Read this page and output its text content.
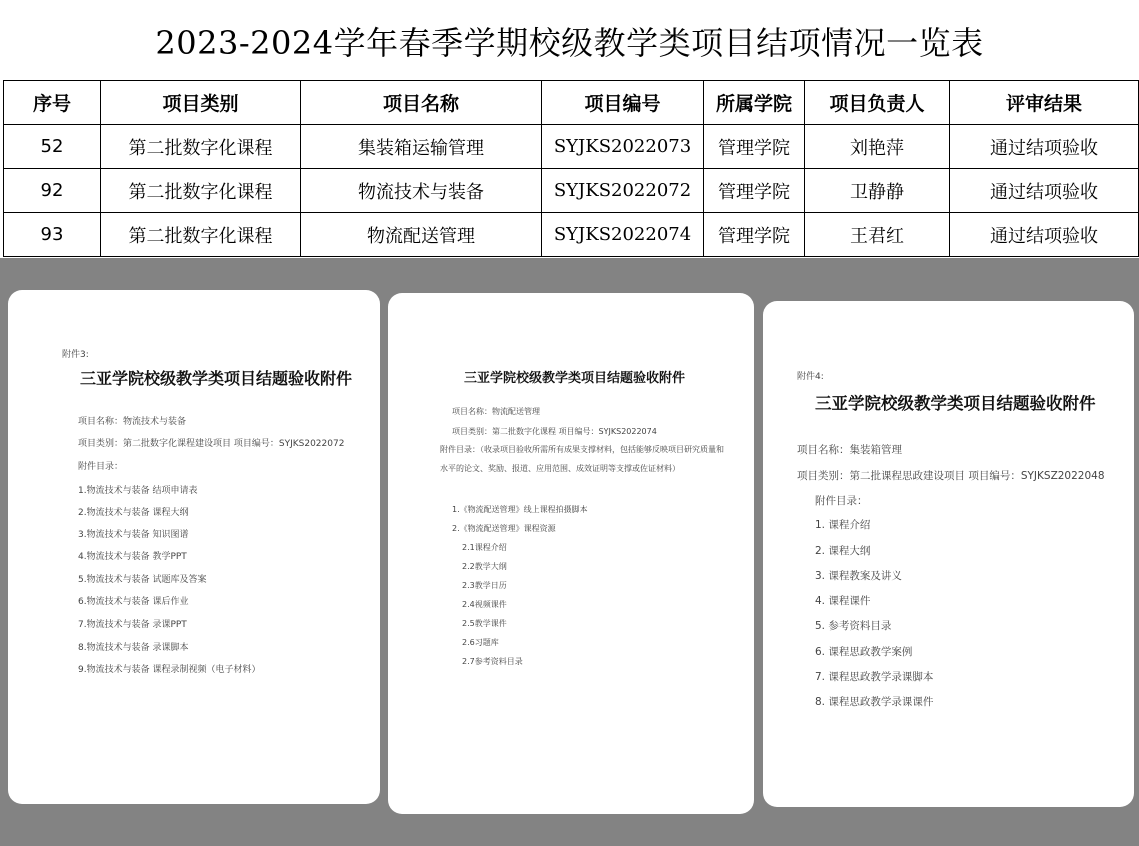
2023-2024学年春季学期校级教学类项目结项情况一览表
序号	项目类别	项目名称	项目编号	所属学院	项目负责人	评审结果
52	第二批数字化课程	集装箱运输管理	SYJKS2022073	管理学院	刘艳萍	通过结项验收
92	第二批数字化课程	物流技术与装备	SYJKS2022072	管理学院	卫静静	通过结项验收
93	第二批数字化课程	物流配送管理	SYJKS2022074	管理学院	王君红	通过结项验收
附件3:
三亚学院校级教学类项目结题验收附件
项目名称：物流技术与装备
项目类别：第二批数字化课程建设项目 项目编号：SYJKS2022072
附件目录：
1.物流技术与装备 结项申请表
2.物流技术与装备 课程大纲
3.物流技术与装备 知识图谱
4.物流技术与装备 教学PPT
5.物流技术与装备 试题库及答案
6.物流技术与装备 课后作业
7.物流技术与装备 录课PPT
8.物流技术与装备 录课脚本
9.物流技术与装备 课程录制视频（电子材料）
三亚学院校级教学类项目结题验收附件
项目名称：物流配送管理
项目类别：第二批数字化课程 项目编号：SYJKS2022074
附件目录：（收录项目验收所需所有成果支撑材料，包括能够反映项目研究质量和水平的论文、奖励、报道、应用范围、成效证明等支撑或佐证材料）
1.《物流配送管理》线上课程拍摄脚本
2.《物流配送管理》课程资源
2.1课程介绍
2.2教学大纲
2.3教学日历
2.4视频课件
2.5教学课件
2.6习题库
2.7参考资料目录
附件4:
三亚学院校级教学类项目结题验收附件
项目名称：集装箱管理
项目类别：第二批课程思政建设项目 项目编号：SYJKSZ2022048
附件目录：
1. 课程介绍
2. 课程大纲
3. 课程教案及讲义
4. 课程课件
5. 参考资料目录
6. 课程思政教学案例
7. 课程思政教学录课脚本
8. 课程思政教学录课课件
